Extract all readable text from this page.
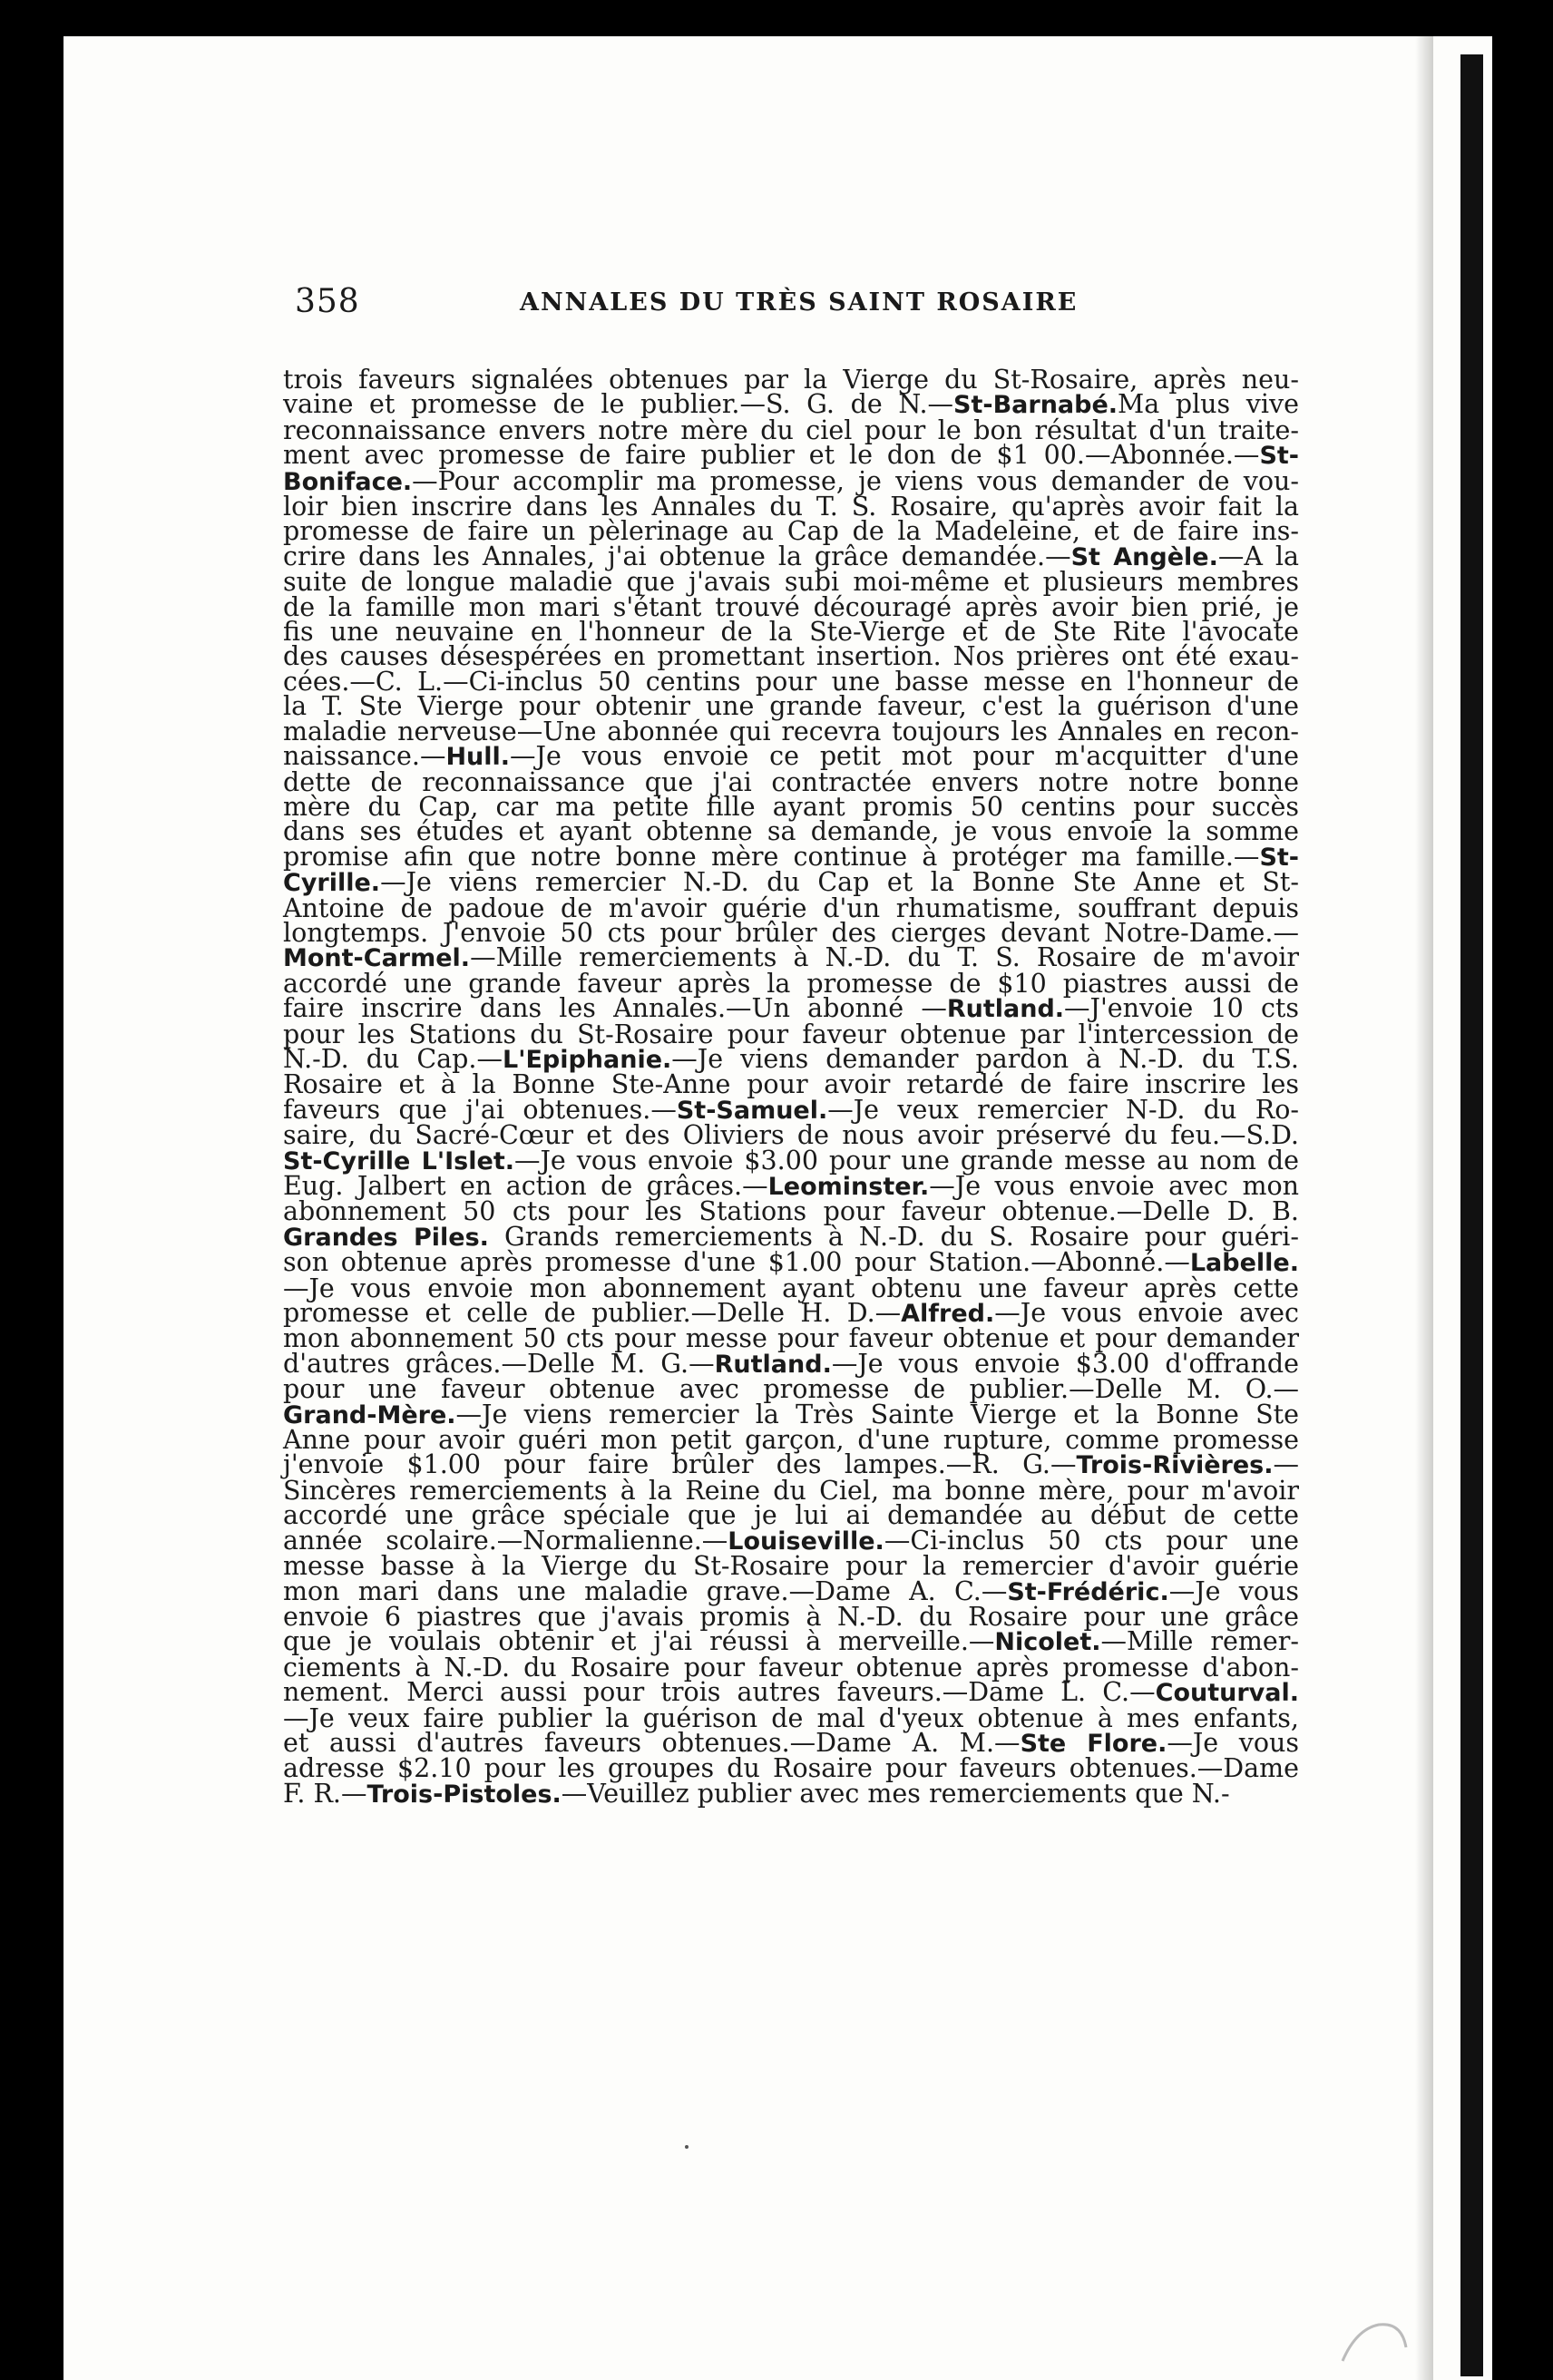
358	ANNALES DU TRÈS SAINT ROSAIRE
trois faveurs signalées obtenues par la Vierge du St-Rosaire, après neu-
vaine et promesse de le publier.—S. G. de N.—St-Barnabé.Ma plus vive
reconnaissance envers notre mère du ciel pour le bon résultat d'un traite-
ment avec promesse de faire publier et le don de $1 00.—Abonnée.—St-
Boniface.—Pour accomplir ma promesse, je viens vous demander de vou-
loir bien inscrire dans les Annales du T. S. Rosaire, qu'après avoir fait la
promesse de faire un pèlerinage au Cap de la Madeleine, et de faire ins-
crire dans les Annales, j'ai obtenue la grâce demandée.—St Angèle.—A la
suite de longue maladie que j'avais subi moi-même et plusieurs membres
de la famille mon mari s'étant trouvé découragé après avoir bien prié, je
fis une neuvaine en l'honneur de la Ste-Vierge et de Ste Rite l'avocate
des causes désespérées en promettant insertion. Nos prières ont été exau-
cées.—C. L.—Ci-inclus 50 centins pour une basse messe en l'honneur de
la T. Ste Vierge pour obtenir une grande faveur, c'est la guérison d'une
maladie nerveuse—Une abonnée qui recevra toujours les Annales en recon-
naissance.—Hull.—Je vous envoie ce petit mot pour m'acquitter d'une
dette de reconnaissance que j'ai contractée envers notre notre bonne
mère du Cap, car ma petite fille ayant promis 50 centins pour succès
dans ses études et ayant obtenne sa demande, je vous envoie la somme
promise afin que notre bonne mère continue à protéger ma famille.—St-
Cyrille.—Je viens remercier N.-D. du Cap et la Bonne Ste Anne et St-
Antoine de padoue de m'avoir guérie d'un rhumatisme, souffrant depuis
longtemps. J'envoie 50 cts pour brûler des cierges devant Notre-Dame.—
Mont-Carmel.—Mille remerciements à N.-D. du T. S. Rosaire de m'avoir
accordé une grande faveur après la promesse de $10 piastres aussi de
faire inscrire dans les Annales.—Un abonné —Rutland.—J'envoie 10 cts
pour les Stations du St-Rosaire pour faveur obtenue par l'intercession de
N.-D. du Cap.—L'Epiphanie.—Je viens demander pardon à N.-D. du T.S.
Rosaire et à la Bonne Ste-Anne pour avoir retardé de faire inscrire les
faveurs que j'ai obtenues.—St-Samuel.—Je veux remercier N-D. du Ro-
saire, du Sacré-Cœur et des Oliviers de nous avoir préservé du feu.—S.D.
St-Cyrille L'Islet.—Je vous envoie $3.00 pour une grande messe au nom de
Eug. Jalbert en action de grâces.—Leominster.—Je vous envoie avec mon
abonnement 50 cts pour les Stations pour faveur obtenue.—Delle D. B.
Grandes Piles. Grands remerciements à N.-D. du S. Rosaire pour guéri-
son obtenue après promesse d'une $1.00 pour Station.—Abonné.—Labelle.
—Je vous envoie mon abonnement ayant obtenu une faveur après cette
promesse et celle de publier.—Delle H. D.—Alfred.—Je vous envoie avec
mon abonnement 50 cts pour messe pour faveur obtenue et pour demander
d'autres grâces.—Delle M. G.—Rutland.—Je vous envoie $3.00 d'offrande
pour une faveur obtenue avec promesse de publier.—Delle M. O.—
Grand-Mère.—Je viens remercier la Très Sainte Vierge et la Bonne Ste
Anne pour avoir guéri mon petit garçon, d'une rupture, comme promesse
j'envoie $1.00 pour faire brûler des lampes.—R. G.—Trois-Rivières.—
Sincères remerciements à la Reine du Ciel, ma bonne mère, pour m'avoir
accordé une grâce spéciale que je lui ai demandée au début de cette
année scolaire.—Normalienne.—Louiseville.—Ci-inclus 50 cts pour une
messe basse à la Vierge du St-Rosaire pour la remercier d'avoir guérie
mon mari dans une maladie grave.—Dame A. C.—St-Frédéric.—Je vous
envoie 6 piastres que j'avais promis à N.-D. du Rosaire pour une grâce
que je voulais obtenir et j'ai réussi à merveille.—Nicolet.—Mille remer-
ciements à N.-D. du Rosaire pour faveur obtenue après promesse d'abon-
nement. Merci aussi pour trois autres faveurs.—Dame L. C.—Couturval.
—Je veux faire publier la guérison de mal d'yeux obtenue à mes enfants,
et aussi d'autres faveurs obtenues.—Dame A. M.—Ste Flore.—Je vous
adresse $2.10 pour les groupes du Rosaire pour faveurs obtenues.—Dame
F. R.—Trois-Pistoles.—Veuillez publier avec mes remerciements que N.-
